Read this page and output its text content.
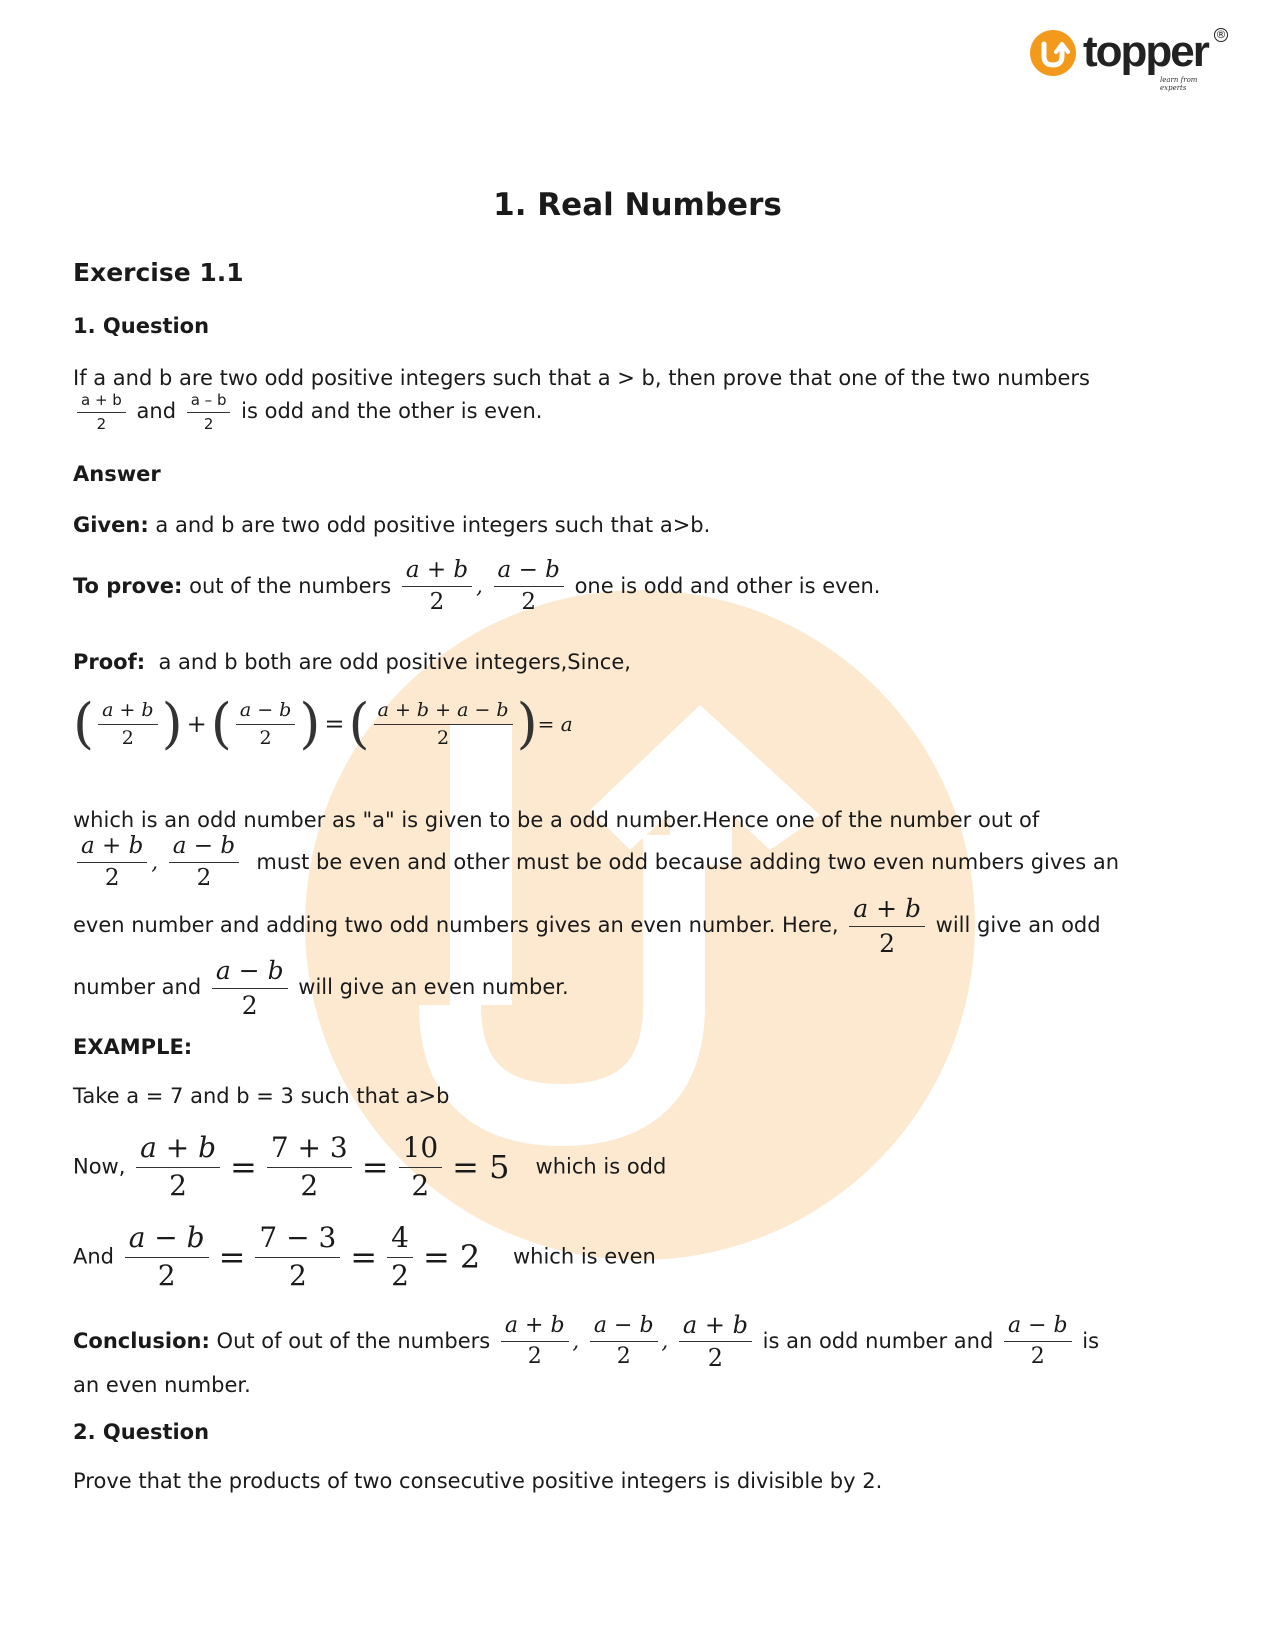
topper ®
learn from experts
1. Real Numbers
Exercise 1.1
1. Question
If a and b are two odd positive integers such that a > b, then prove that one of the two numbers
$\frac{a + b}{2}$ and $\frac{a - b}{2}$ is odd and the other is even.
Answer
Given: a and b are two odd positive integers such that a>b.
To prove: out of the numbers $\frac{a + b}{2}$ , $\frac{a - b}{2}$ one is odd and other is even.
Proof: a and b both are odd positive integers,Since,
( $\frac{a + b}{2}$ ) +( $\frac{a - b}{2}$ ) =( $\frac{a + b + a - b}{2}$ )= a
which is an odd number as "a" is given to be a odd number.Hence one of the number out of
$\frac{a + b}{2}$ , $\frac{a - b}{2}$ must be even and other must be odd because adding two even numbers gives an
even number and adding two odd numbers gives an even number. Here, $\frac{a + b}{2}$ will give an odd
number and $\frac{a - b}{2}$ will give an even number.
EXAMPLE:
Take a = 7 and b = 3 such that a>b
Now, $\frac{a + b}{2} = \frac{7 + 3}{2} = \frac{10}{2} = 5$ which is odd
And $\frac{a - b}{2} = \frac{7 - 3}{2} = \frac{4}{2} = 2$ which is even
Conclusion: Out of out of the numbers $\frac{a + b}{2}$ , $\frac{a - b}{2}$ , $\frac{a + b}{2}$ is an odd number and $\frac{a - b}{2}$ is
an even number.
2. Question
Prove that the products of two consecutive positive integers is divisible by 2.
